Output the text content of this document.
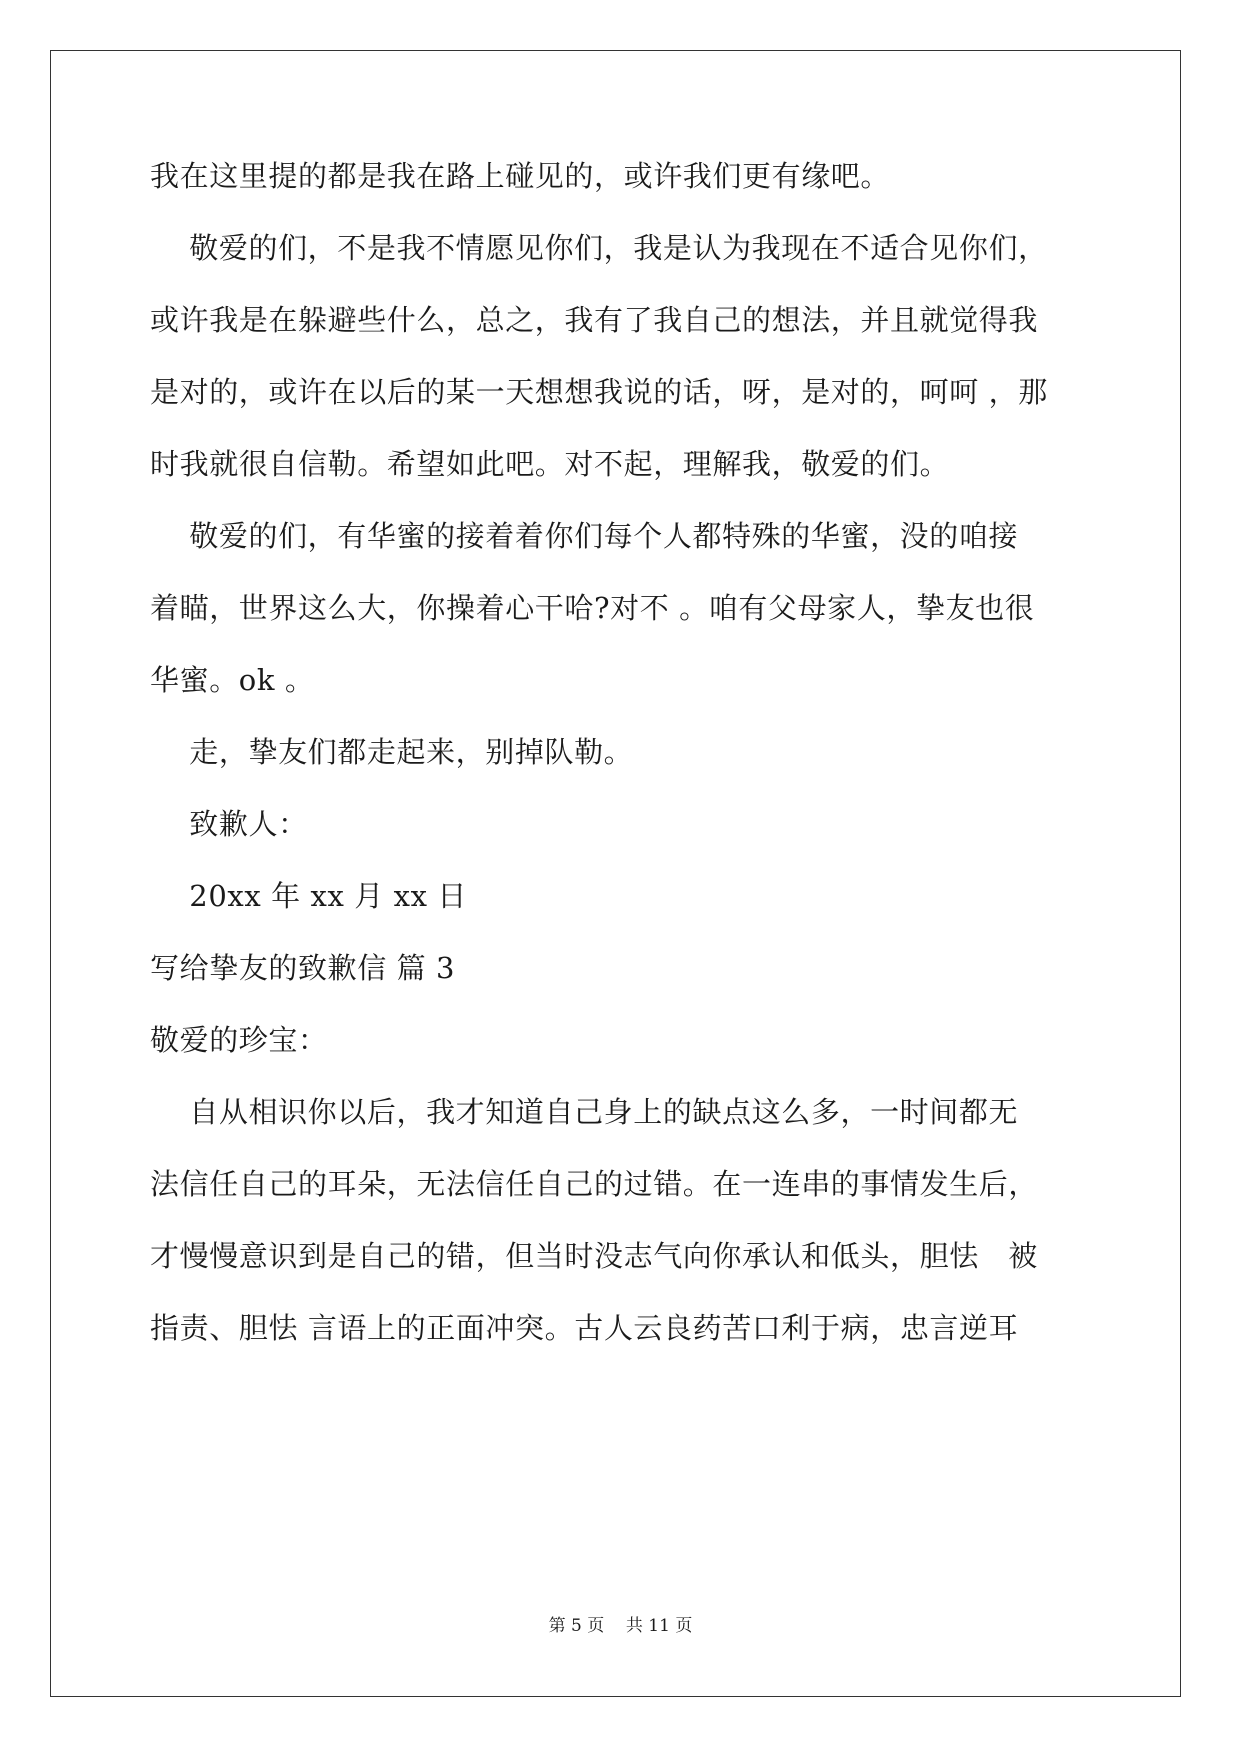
我在这里提的都是我在路上碰见的，或许我们更有缘吧。
敬爱的们，不是我不情愿见你们，我是认为我现在不适合见你们，
或许我是在躲避些什么，总之，我有了我自己的想法，并且就觉得我
是对的，或许在以后的某一天想想我说的话，呀，是对的，呵呵 ，那
时我就很自信勒。希望如此吧。对不起，理解我，敬爱的们。
敬爱的们，有华蜜的接着着你们每个人都特殊的华蜜，没的咱接
着瞄，世界这么大，你操着心干哈?对不 。咱有父母家人，挚友也很
华蜜。ok 。
走，挚友们都走起来，别掉队勒。
致歉人：
20xx 年 xx 月 xx 日
写给挚友的致歉信 篇 3
敬爱的珍宝：
自从相识你以后，我才知道自己身上的缺点这么多，一时间都无
法信任自己的耳朵，无法信任自己的过错。在一连串的事情发生后，
才慢慢意识到是自己的错，但当时没志气向你承认和低头，胆怯   被
指责、胆怯 言语上的正面冲突。古人云良药苦口利于病，忠言逆耳
第 5 页    共 11 页
